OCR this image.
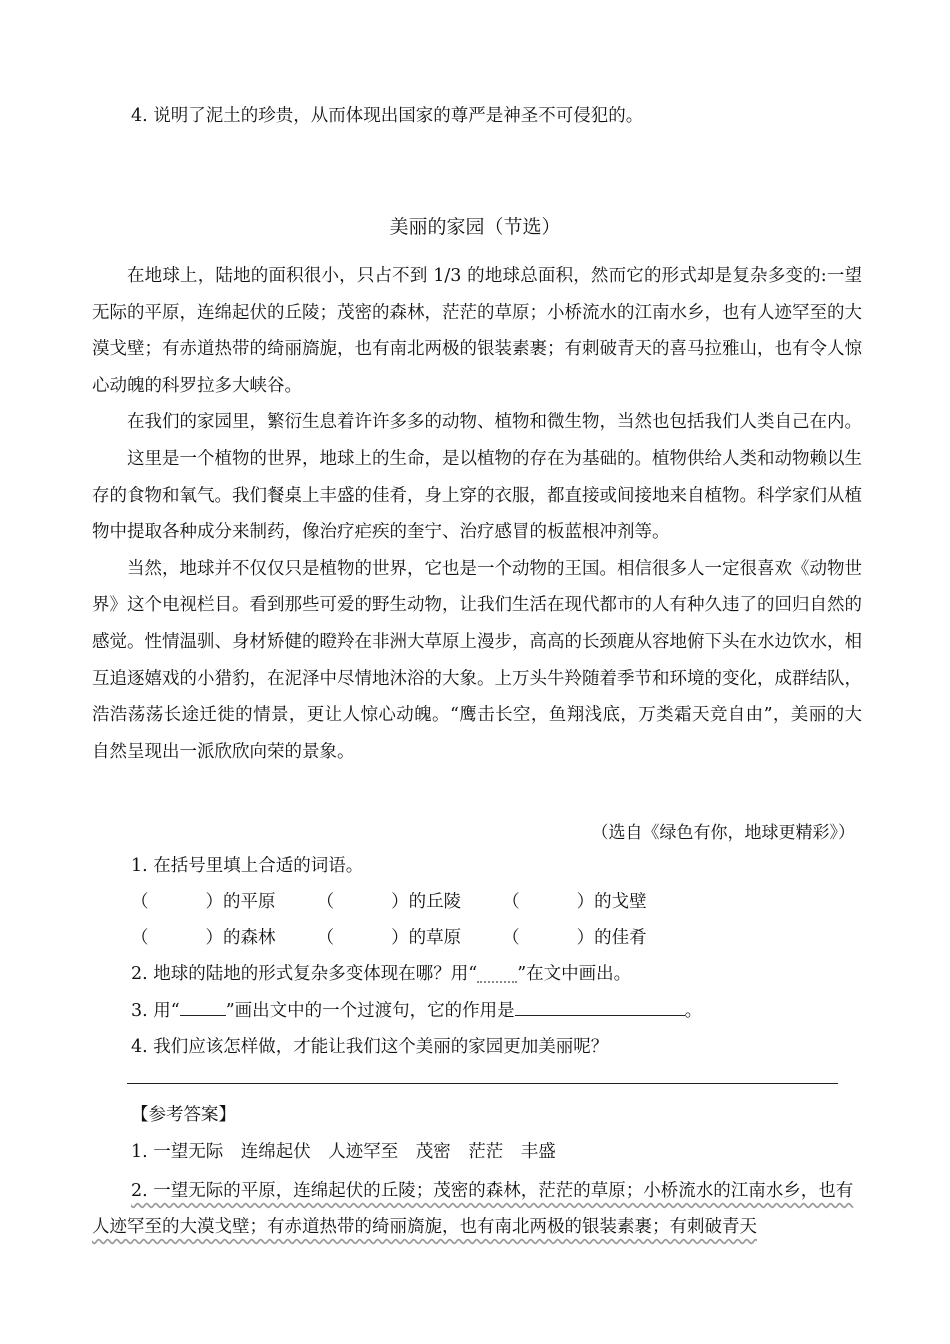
4. 说明了泥土的珍贵，从而体现出国家的尊严是神圣不可侵犯的。
美丽的家园（节选）

在地球上，陆地的面积很小，只占不到 1/3 的地球总面积，然而它的形式却是复杂多变的:一望无际的平原，连绵起伏的丘陵；茂密的森林，茫茫的草原；小桥流水的江南水乡，也有人迹罕至的大漠戈壁；有赤道热带的绮丽旖旎，也有南北两极的银装素裹；有刺破青天的喜马拉雅山，也有令人惊心动魄的科罗拉多大峡谷。

在我们的家园里，繁衍生息着许许多多的动物、植物和微生物，当然也包括我们人类自己在内。

这里是一个植物的世界，地球上的生命，是以植物的存在为基础的。植物供给人类和动物赖以生存的食物和氧气。我们餐桌上丰盛的佳肴，身上穿的衣服，都直接或间接地来自植物。科学家们从植物中提取各种成分来制药，像治疗疟疾的奎宁、治疗感冒的板蓝根冲剂等。

当然，地球并不仅仅只是植物的世界，它也是一个动物的王国。相信很多人一定很喜欢《动物世界》这个电视栏目。看到那些可爱的野生动物，让我们生活在现代都市的人有种久违了的回归自然的感觉。性情温驯、身材矫健的瞪羚在非洲大草原上漫步，高高的长颈鹿从容地俯下头在水边饮水，相互追逐嬉戏的小猎豹，在泥泽中尽情地沐浴的大象。上万头牛羚随着季节和环境的变化，成群结队，浩浩荡荡长途迁徙的情景，更让人惊心动魄。“鹰击长空，鱼翔浅底，万类霜天竞自由”，美丽的大自然呈现出一派欣欣向荣的景象。

（选自《绿色有你，地球更精彩》）
1. 在括号里填上合适的词语。
（	） 的平原 （	） 的丘陵 （	） 的戈壁
（	） 的森林 （	） 的草原 （	） 的佳肴
2. 地球的陆地的形式复杂多变体现在哪？用“ ”在文中画出。
3. 用“	”画出文中的一个过渡句，它的作用是	。
4. 我们应该怎样做，才能让我们这个美丽的家园更加美丽呢？
【参考答案】
1. 一望无际　连绵起伏　人迹罕至　茂密　茫茫　丰盛

2. 一望无际的平原，连绵起伏的丘陵；茂密的森林，茫茫的草原；小桥流水的江南水乡，也有人迹罕至的大漠戈壁；有赤道热带的绮丽旖旎，也有南北两极的银装素裹；有刺破青天
